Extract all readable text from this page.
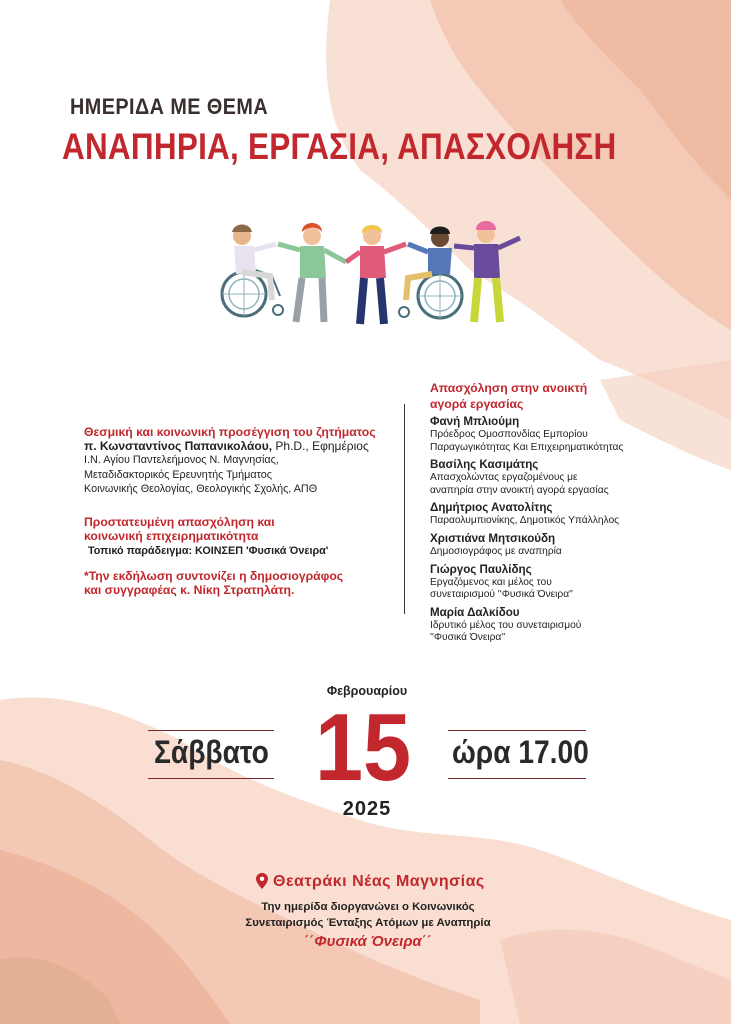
ΗΜΕΡΙΔΑ ΜΕ ΘΕΜΑ
ΑΝΑΠΗΡΙΑ, ΕΡΓΑΣΙΑ, ΑΠΑΣΧΟΛΗΣΗ

Θεσμική και κοινωνική προσέγγιση του ζητήματος

π. Κωνσταντίνος Παπανικολάου, Ph.D., Εφημέριος

Ι.Ν. Αγίου Παντελεήμονος Ν. Μαγνησίας,

Μεταδιδακτορικός Ερευνητής Τμήματος

Κοινωνικής Θεολογίας, Θεολογικής Σχολής, ΑΠΘ

Προστατευμένη απασχόληση και

κοινωνική επιχειρηματικότητα

Τοπικό παράδειγμα: ΚΟΙΝΣΕΠ 'Φυσικά Όνειρα'

*Την εκδήλωση συντονίζει η δημοσιογράφος

και συγγραφέας κ. Νίκη Στρατηλάτη.

Απασχόληση στην ανοικτή

αγορά εργασίας

Φανή Μπλιούμη

Πρόεδρος Ομοσπονδίας Εμπορίου

Παραγωγικότητας Και Επιχειρηματικότητας

Βασίλης Κασιμάτης

Απασχολώντας εργαζομένους με

αναπηρία στην ανοικτή αγορά εργασίας

Δημήτριος Ανατολίτης

Παραολυμπιονίκης, Δημοτικός Υπάλληλος

Χριστιάνα Μητσικούδη

Δημοσιογράφος με αναπηρία

Γιώργος Παυλίδης

Εργαζόμενος και μέλος του

συνεταιρισμού ''Φυσικά Όνειρα''

Μαρία Δαλκίδου

Ιδρυτικό μέλος του συνεταιρισμού

''Φυσικά Όνειρα''

Φεβρουαρίου
Σάββατο 15 ώρα 17.00
2025
Θεατράκι Νέας Μαγνησίας
Την ημερίδα διοργανώνει ο Κοινωνικός
Συνεταιρισμός Ένταξης Ατόμων με Αναπηρία
΄΄Φυσικά Όνειρα΄΄
